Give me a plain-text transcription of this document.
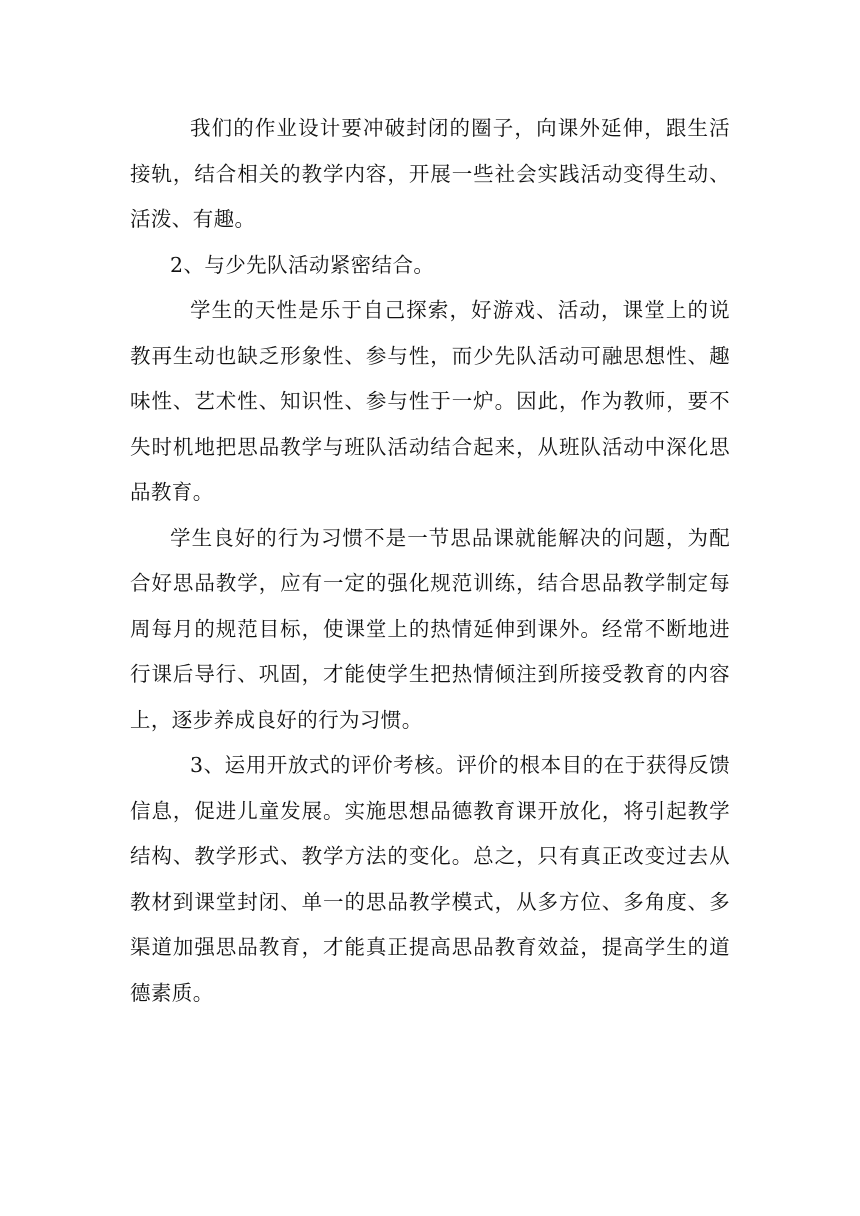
我们的作业设计要冲破封闭的圈子，向课外延伸，跟生活接轨，结合相关的教学内容，开展一些社会实践活动变得生动、活泼、有趣。

2、与少先队活动紧密结合。

学生的天性是乐于自己探索，好游戏、活动，课堂上的说教再生动也缺乏形象性、参与性，而少先队活动可融思想性、趣味性、艺术性、知识性、参与性于一炉。因此，作为教师，要不失时机地把思品教学与班队活动结合起来，从班队活动中深化思品教育。

学生良好的行为习惯不是一节思品课就能解决的问题，为配合好思品教学，应有一定的强化规范训练，结合思品教学制定每周每月的规范目标，使课堂上的热情延伸到课外。经常不断地进行课后导行、巩固，才能使学生把热情倾注到所接受教育的内容上，逐步养成良好的行为习惯。

3、运用开放式的评价考核。评价的根本目的在于获得反馈信息，促进儿童发展。实施思想品德教育课开放化，将引起教学结构、教学形式、教学方法的变化。总之，只有真正改变过去从教材到课堂封闭、单一的思品教学模式，从多方位、多角度、多渠道加强思品教育，才能真正提高思品教育效益，提高学生的道德素质。
